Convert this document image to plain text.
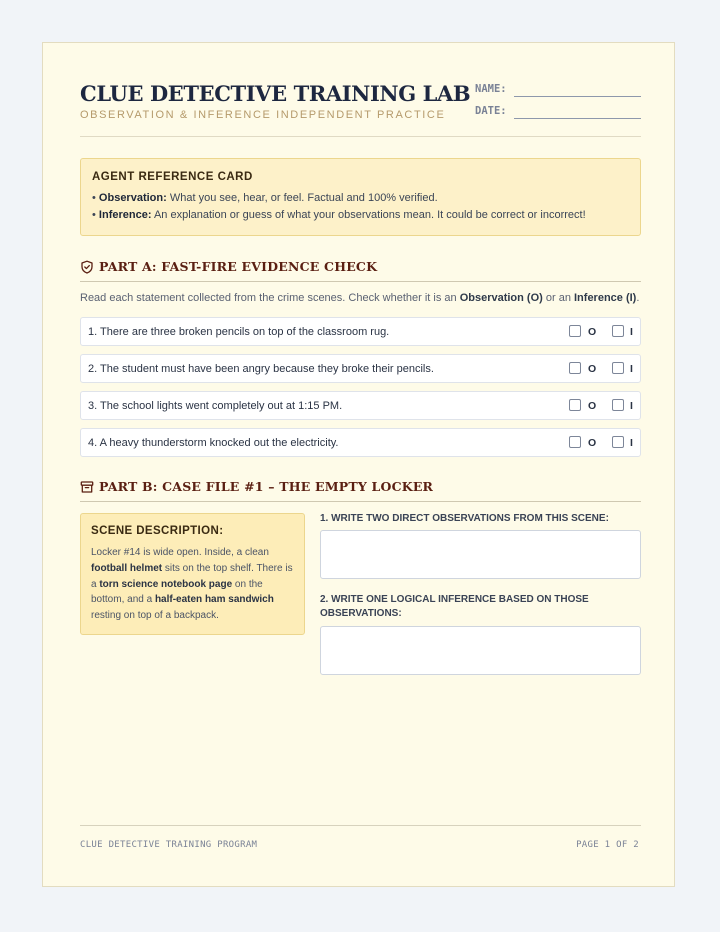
CLUE DETECTIVE TRAINING LAB
OBSERVATION & INFERENCE INDEPENDENT PRACTICE
NAME:
DATE:
AGENT REFERENCE CARD
• Observation: What you see, hear, or feel. Factual and 100% verified.
• Inference: An explanation or guess of what your observations mean. It could be correct or incorrect!
PART A: FAST-FIRE EVIDENCE CHECK
Read each statement collected from the crime scenes. Check whether it is an Observation (O) or an Inference (I).
1. There are three broken pencils on top of the classroom rug.	O	I
2. The student must have been angry because they broke their pencils.	O	I
3. The school lights went completely out at 1:15 PM.	O	I
4. A heavy thunderstorm knocked out the electricity.	O	I
PART B: CASE FILE #1 – THE EMPTY LOCKER
SCENE DESCRIPTION:
Locker #14 is wide open. Inside, a clean football helmet sits on the top shelf. There is a torn science notebook page on the bottom, and a half-eaten ham sandwich resting on top of a backpack.
1. WRITE TWO DIRECT OBSERVATIONS FROM THIS SCENE:
2. WRITE ONE LOGICAL INFERENCE BASED ON THOSE OBSERVATIONS:
CLUE DETECTIVE TRAINING PROGRAM	PAGE 1 OF 2
